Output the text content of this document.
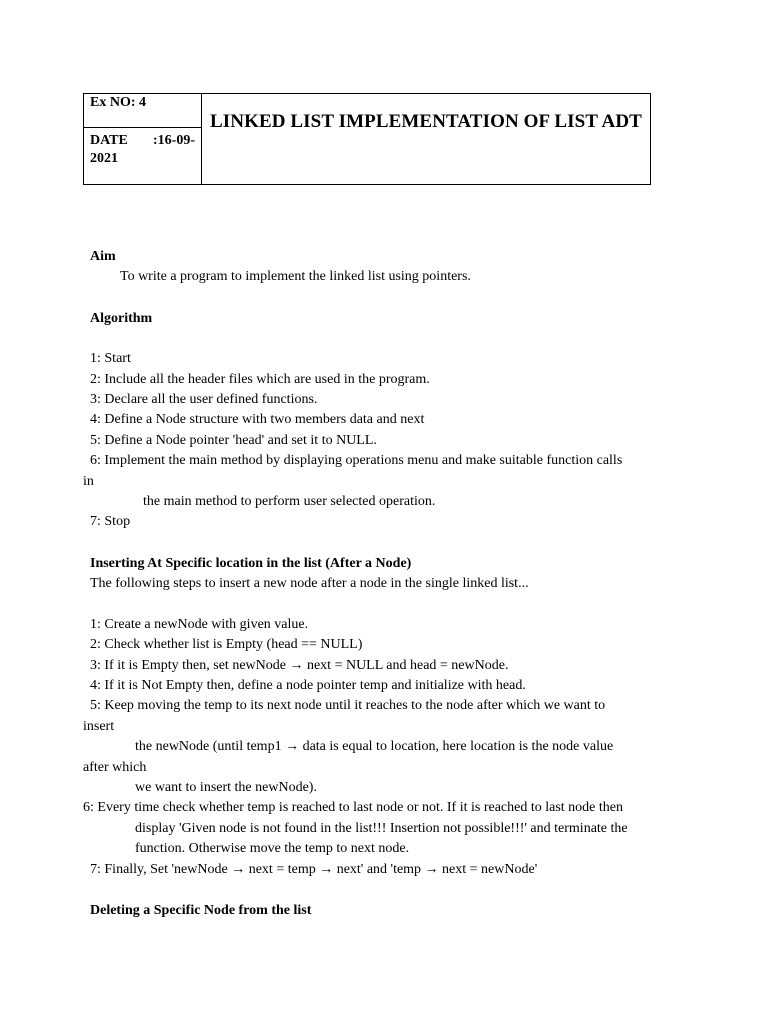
Ex NO: 4
DATE :16-09-
2021
LINKED LIST IMPLEMENTATION OF LIST ADT
Aim
To write a program to implement the linked list using pointers.
Algorithm
1: Start
2: Include all the header files which are used in the program.
3: Declare all the user defined functions.
4: Define a Node structure with two members data and next
5: Define a Node pointer 'head' and set it to NULL.
6: Implement the main method by displaying operations menu and make suitable function calls
in
the main method to perform user selected operation.
7: Stop
Inserting At Specific location in the list (After a Node)
The following steps to insert a new node after a node in the single linked list...
1: Create a newNode with given value.
2: Check whether list is Empty (head == NULL)
3: If it is Empty then, set newNode → next = NULL and head = newNode.
4: If it is Not Empty then, define a node pointer temp and initialize with head.
5: Keep moving the temp to its next node until it reaches to the node after which we want to
insert
the newNode (until temp1 → data is equal to location, here location is the node value
after which
we want to insert the newNode).
6: Every time check whether temp is reached to last node or not. If it is reached to last node then
display 'Given node is not found in the list!!! Insertion not possible!!!' and terminate the
function. Otherwise move the temp to next node.
7: Finally, Set 'newNode → next = temp → next' and 'temp → next = newNode'
Deleting a Specific Node from the list
